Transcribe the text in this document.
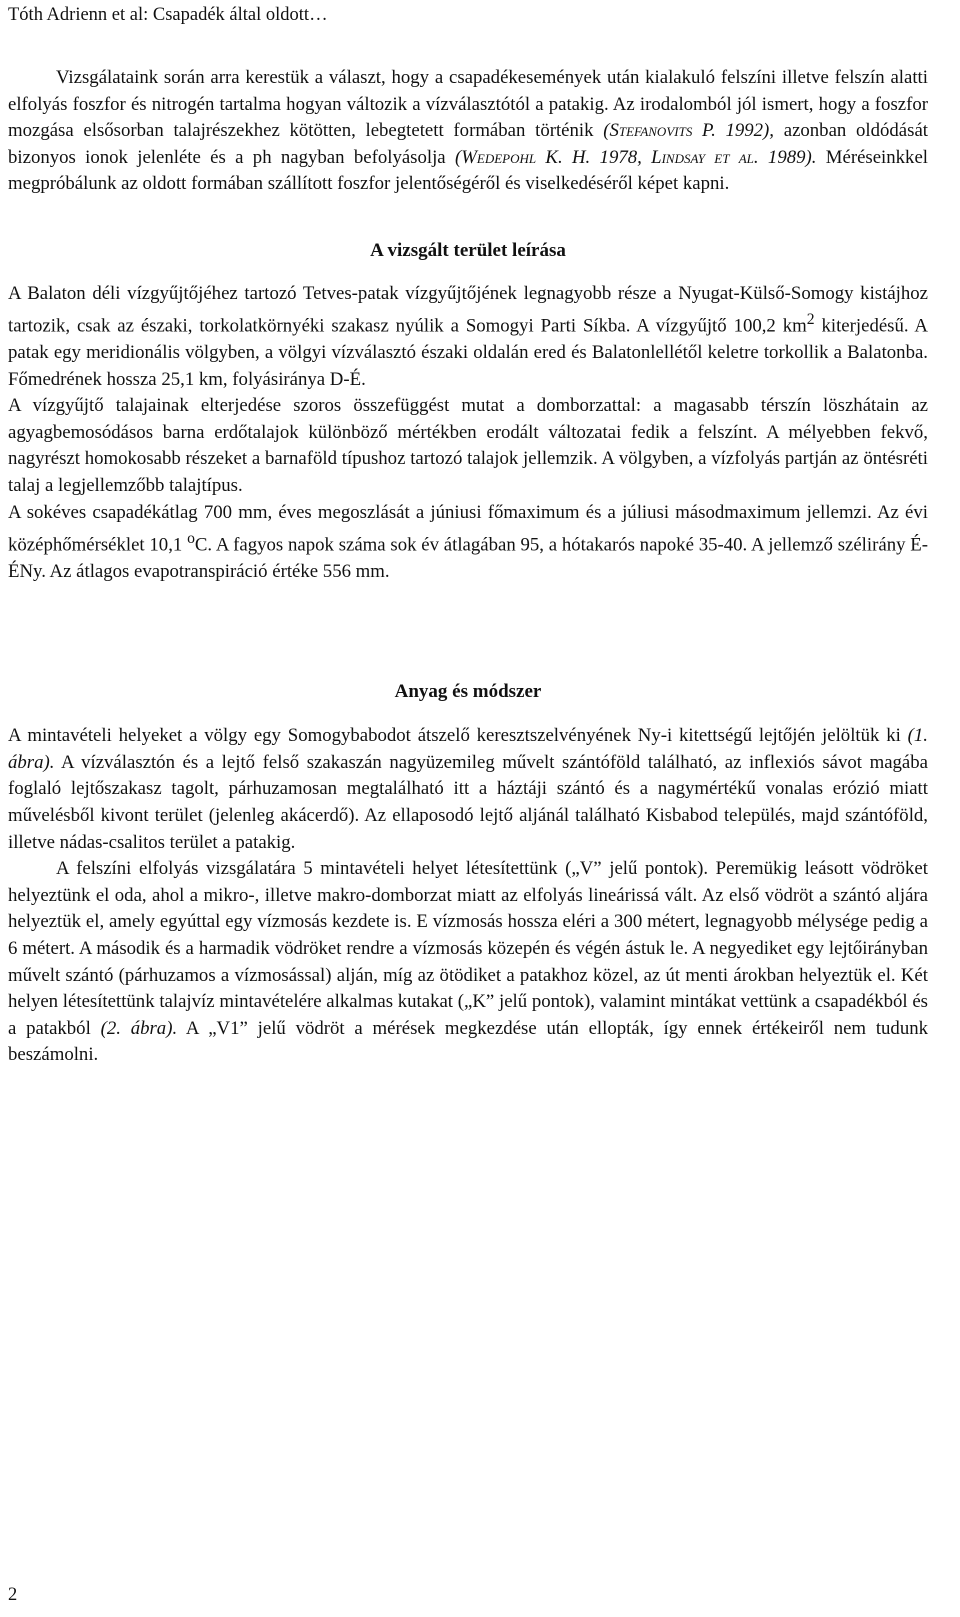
Tóth Adrienn et al: Csapadék által oldott…

Vizsgálataink során arra kerestük a választ, hogy a csapadékesemények után kialakuló felszíni illetve felszín alatti elfolyás foszfor és nitrogén tartalma hogyan változik a vízválasztótól a patakig. Az irodalomból jól ismert, hogy a foszfor mozgása elsősorban talajrészekhez kötötten, lebegtetett formában történik (Stefanovits P. 1992), azonban oldódását bizonyos ionok jelenléte és a ph nagyban befolyásolja (Wedepohl K. H. 1978, Lindsay et al. 1989). Méréseinkkel megpróbálunk az oldott formában szállított foszfor jelentőségéről és viselkedéséről képet kapni.

A vizsgált terület leírása

A Balaton déli vízgyűjtőjéhez tartozó Tetves-patak vízgyűjtőjének legnagyobb része a Nyugat-Külső-Somogy kistájhoz tartozik, csak az északi, torkolatkörnyéki szakasz nyúlik a Somogyi Parti Síkba. A vízgyűjtő 100,2 $km^2$ kiterjedésű. A patak egy meridionális völgyben, a völgyi vízválasztó északi oldalán ered és Balatonlellétől keletre torkollik a Balatonba. Főmedrének hossza 25,1 km, folyásiránya D-É.

A vízgyűjtő talajainak elterjedése szoros összefüggést mutat a domborzattal: a magasabb térszín löszhátain az agyagbemosódásos barna erdőtalajok különböző mértékben erodált változatai fedik a felszínt. A mélyebben fekvő, nagyrészt homokosabb részeket a barnaföld típushoz tartozó talajok jellemzik. A völgyben, a vízfolyás partján az öntésréti talaj a legjellemzőbb talajtípus.

A sokéves csapadékátlag 700 mm, éves megoszlását a júniusi főmaximum és a júliusi másodmaximum jellemzi. Az évi középhőmérséklet 10,1 $^o$C. A fagyos napok száma sok év átlagában 95, a hótakarós napoké 35-40. A jellemző szélirány É-ÉNy. Az átlagos evapotranspiráció értéke 556 mm.

Anyag és módszer

A mintavételi helyeket a völgy egy Somogybabodot átszelő keresztszelvényének Ny-i kitettségű lejtőjén jelöltük ki (1. ábra). A vízválasztón és a lejtő felső szakaszán nagyüzemileg művelt szántóföld található, az inflexiós sávot magába foglaló lejtőszakasz tagolt, párhuzamosan megtalálható itt a háztáji szántó és a nagymértékű vonalas erózió miatt művelésből kivont terület (jelenleg akácerdő). Az ellaposodó lejtő aljánál található Kisbabod település, majd szántóföld, illetve nádas-csalitos terület a patakig.

A felszíni elfolyás vizsgálatára 5 mintavételi helyet létesítettünk („V” jelű pontok). Peremükig leásott vödröket helyeztünk el oda, ahol a mikro-, illetve makro-domborzat miatt az elfolyás lineárissá vált. Az első vödröt a szántó aljára helyeztük el, amely egyúttal egy vízmosás kezdete is. E vízmosás hossza eléri a 300 métert, legnagyobb mélysége pedig a 6 métert. A második és a harmadik vödröket rendre a vízmosás közepén és végén ástuk le. A negyediket egy lejtőirányban művelt szántó (párhuzamos a vízmosással) alján, míg az ötödiket a patakhoz közel, az út menti árokban helyeztük el. Két helyen létesítettünk talajvíz mintavételére alkalmas kutakat („K” jelű pontok), valamint mintákat vettünk a csapadékból és a patakból (2. ábra). A „V1” jelű vödröt a mérések megkezdése után ellopták, így ennek értékeiről nem tudunk beszámolni.

2
